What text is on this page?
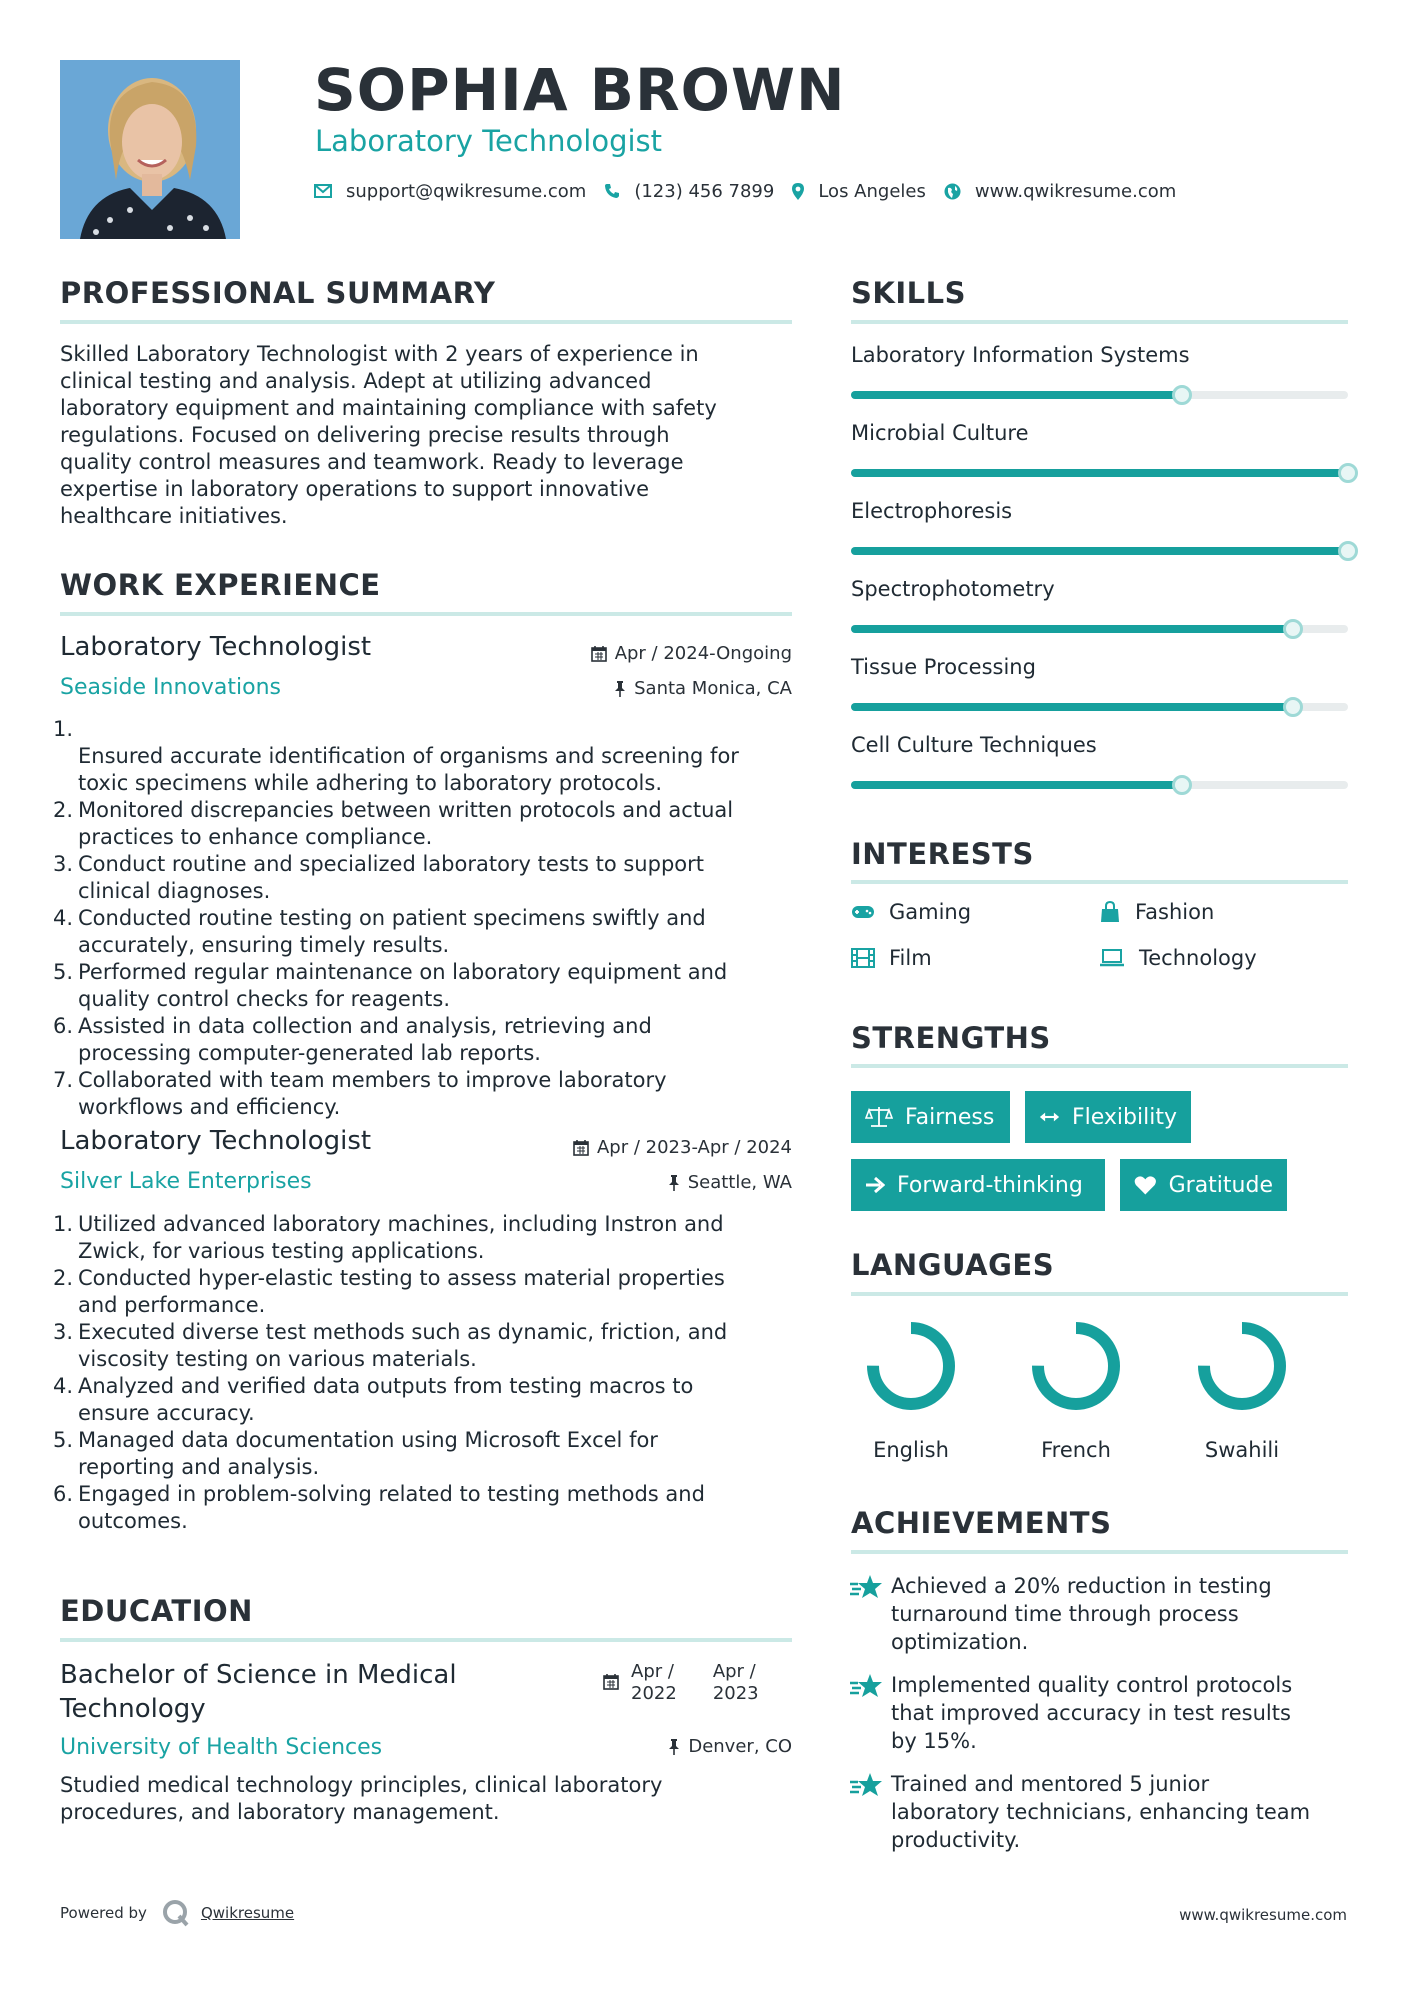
SOPHIA BROWN
Laboratory Technologist
support@qwikresume.com	(123) 456 7899 Los Angeles	www.qwikresume.com
PROFESSIONAL SUMMARY
Skilled Laboratory Technologist with 2 years of experience in
clinical testing and analysis. Adept at utilizing advanced
laboratory equipment and maintaining compliance with safety
regulations. Focused on delivering precise results through
quality control measures and teamwork. Ready to leverage
expertise in laboratory operations to support innovative
healthcare initiatives.
WORK EXPERIENCE
Laboratory Technologist	Apr / 2024-Ongoing
Seaside Innovations	Santa Monica, CA
1.
Ensured accurate identification of organisms and screening for
toxic specimens while adhering to laboratory protocols.
2. Monitored discrepancies between written protocols and actual
practices to enhance compliance.
3. Conduct routine and specialized laboratory tests to support
clinical diagnoses.
4. Conducted routine testing on patient specimens swiftly and
accurately, ensuring timely results.
5. Performed regular maintenance on laboratory equipment and
quality control checks for reagents.
6. Assisted in data collection and analysis, retrieving and
processing computer-generated lab reports.
7. Collaborated with team members to improve laboratory
workflows and efficiency.
Laboratory Technologist	Apr / 2023-Apr / 2024
Silver Lake Enterprises	Seattle, WA
1. Utilized advanced laboratory machines, including Instron and
Zwick, for various testing applications.
2. Conducted hyper-elastic testing to assess material properties
and performance.
3. Executed diverse test methods such as dynamic, friction, and
viscosity testing on various materials.
4. Analyzed and verified data outputs from testing macros to
ensure accuracy.
5. Managed data documentation using Microsoft Excel for
reporting and analysis.
6. Engaged in problem-solving related to testing methods and
outcomes.
EDUCATION
Bachelor of Science in Medical
Technology
Apr /
2022
Apr /
2023
University of Health Sciences	Denver, CO
Studied medical technology principles, clinical laboratory
procedures, and laboratory management.
SKILLS
Laboratory Information Systems
Microbial Culture
Electrophoresis
Spectrophotometry
Tissue Processing
Cell Culture Techniques
INTERESTS
Gaming	Fashion
Film	Technology
STRENGTHS
Fairness	Flexibility
Forward-thinking	Gratitude
LANGUAGES
English	French	Swahili
ACHIEVEMENTS
Achieved a 20% reduction in testing
turnaround time through process
optimization.
Implemented quality control protocols
that improved accuracy in test results
by 15%.
Trained and mentored 5 junior
laboratory technicians, enhancing team
productivity.
Powered by	Qwikresume	www.qwikresume.com
